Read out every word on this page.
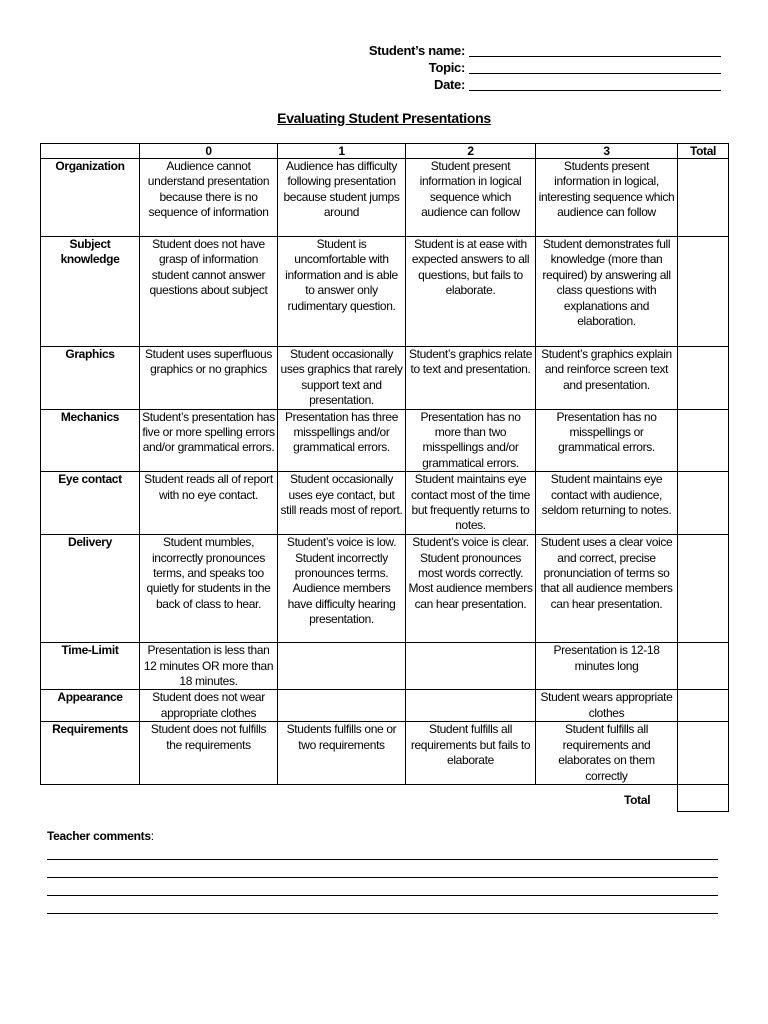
Student’s name:
Topic:
Date:
Evaluating Student Presentations
	0	1	2	3	Total
Organization	Audience cannot understand presentation because there is no sequence of information	Audience has difficulty following presentation because student jumps around	Student present information in logical sequence which audience can follow	Students present information in logical, interesting sequence which audience can follow	
Subject knowledge	Student does not have grasp of information student cannot answer questions about subject	Student is uncomfortable with information and is able to answer only rudimentary question.	Student is at ease with expected answers to all questions, but fails to elaborate.	Student demonstrates full knowledge (more than required) by answering all class questions with explanations and elaboration.	
Graphics	Student uses superfluous graphics or no graphics	Student occasionally uses graphics that rarely support text and presentation.	Student’s graphics relate to text and presentation.	Student’s graphics explain and reinforce screen text and presentation.	
Mechanics	Student’s presentation has five or more spelling errors and/or grammatical errors.	Presentation has three misspellings and/or grammatical errors.	Presentation has no more than two misspellings and/or grammatical errors.	Presentation has no misspellings or grammatical errors.	
Eye contact	Student reads all of report with no eye contact.	Student occasionally uses eye contact, but still reads most of report.	Student maintains eye contact most of the time but frequently returns to notes.	Student maintains eye contact with audience, seldom returning to notes.	
Delivery	Student mumbles, incorrectly pronounces terms, and speaks too quietly for students in the back of class to hear.	Student’s voice is low. Student incorrectly pronounces terms. Audience members have difficulty hearing presentation.	Student’s voice is clear. Student pronounces most words correctly. Most audience members can hear presentation.	Student uses a clear voice and correct, precise pronunciation of terms so that all audience members can hear presentation.	
Time-Limit	Presentation is less than 12 minutes OR more than 18 minutes.			Presentation is 12-18 minutes long	
Appearance	Student does not wear appropriate clothes			Student wears appropriate clothes	
Requirements	Student does not fulfills the requirements	Students fulfills one or two requirements	Student fulfills all requirements but fails to elaborate	Student fulfills all requirements and elaborates on them correctly	
Total
Teacher comments:
